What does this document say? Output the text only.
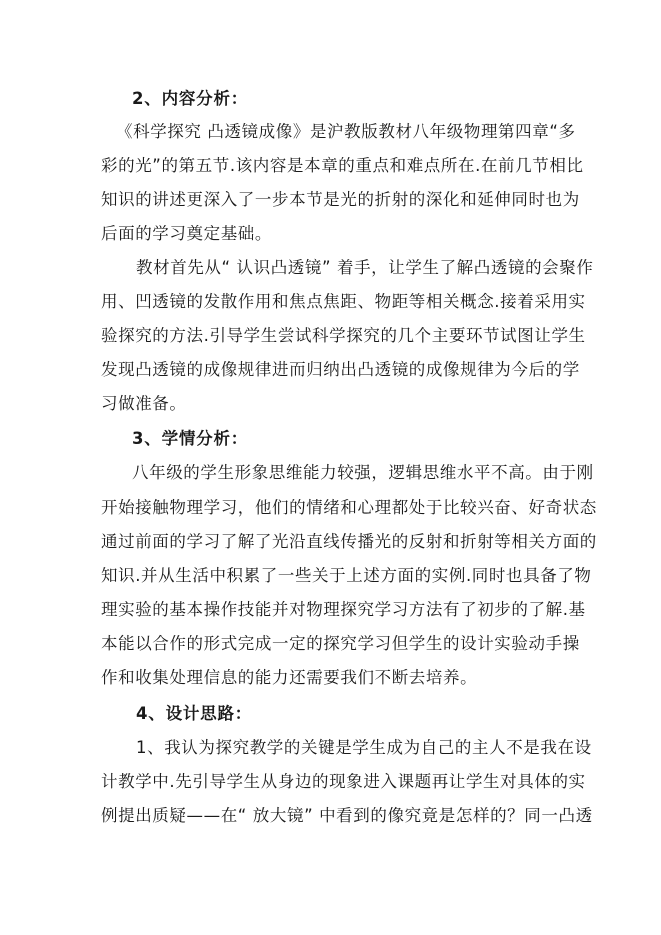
2、内容分析：
《科学探究 凸透镜成像》是沪教版教材八年级物理第四章“多
彩的光”的第五节.该内容是本章的重点和难点所在.在前几节相比
知识的讲述更深入了一步本节是光的折射的深化和延伸同时也为
后面的学习奠定基础。
教材首先从“ 认识凸透镜” 着手，让学生了解凸透镜的会聚作
用、凹透镜的发散作用和焦点焦距、物距等相关概念.接着采用实
验探究的方法.引导学生尝试科学探究的几个主要环节试图让学生
发现凸透镜的成像规律进而归纳出凸透镜的成像规律为今后的学
习做准备。
3、学情分析：
八年级的学生形象思维能力较强，逻辑思维水平不高。由于刚
开始接触物理学习，他们的情绪和心理都处于比较兴奋、好奇状态
通过前面的学习了解了光沿直线传播光的反射和折射等相关方面的
知识.并从生活中积累了一些关于上述方面的实例.同时也具备了物
理实验的基本操作技能并对物理探究学习方法有了初步的了解.基
本能以合作的形式完成一定的探究学习但学生的设计实验动手操
作和收集处理信息的能力还需要我们不断去培养。
4、设计思路：
1、我认为探究教学的关键是学生成为自己的主人不是我在设
计教学中.先引导学生从身边的现象进入课题再让学生对具体的实
例提出质疑——在“ 放大镜” 中看到的像究竟是怎样的？同一凸透
